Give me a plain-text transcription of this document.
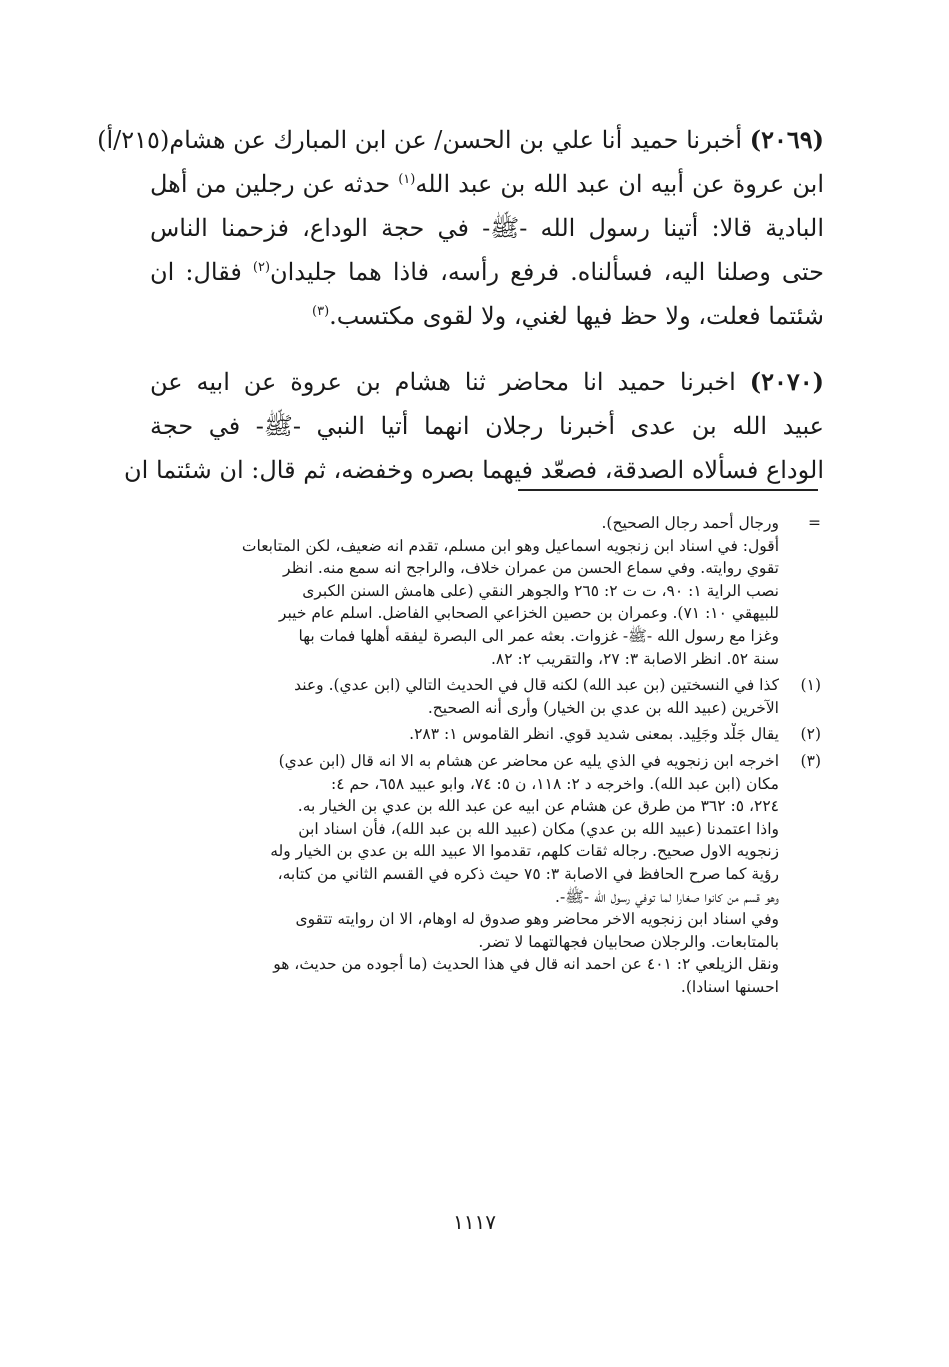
(٢٠٦٩) أخبرنا حميد أنا علي بن الحسن/ عن ابن المبارك عن هشام(٢١٥/أ)
ابن عروة عن أبيه ان عبد الله بن عبد الله$^{(١)}$ حدثه عن رجلين من أهل
البادية قالا: أتينا رسول الله -ﷺ- في حجة الوداع، فزحمنا الناس
حتى وصلنا اليه، فسألناه. فرفع رأسه، فاذا هما جليدان$^{(٢)}$ فقال: ان
شئتما فعلت، ولا حظ فيها لغني، ولا لقوى مكتسب.$^{(٣)}$
(٢٠٧٠) اخبرنا حميد انا محاضر ثنا هشام بن عروة عن ابيه عن
عبيد الله بن عدى أخبرنا رجلان انهما أتيا النبي -ﷺ- في حجة
الوداع فسألاه الصدقة، فصعّد فيهما بصره وخفضه، ثم قال: ان شئتما ان
=
ورجال أحمد رجال الصحيح).
أقول: في اسناد ابن زنجويه اسماعيل وهو ابن مسلم، تقدم انه ضعيف، لكن المتابعات
تقوي روايته. وفي سماع الحسن من عمران خلاف، والراجح انه سمع منه. انظر
نصب الراية ١: ٩٠، ت ت ٢: ٢٦٥ والجوهر النقي (على هامش السنن الكبرى
للبيهقي ١٠: ٧١). وعمران بن حصين الخزاعي الصحابي الفاضل. اسلم عام خيبر
وغزا مع رسول الله -ﷺ- غزوات. بعثه عمر الى البصرة ليفقه أهلها فمات بها
سنة ٥٢. انظر الاصابة ٣: ٢٧، والتقريب ٢: ٨٢.
(١)
كذا في النسختين (بن عبد الله) لكنه قال في الحديث التالي (ابن عدي). وعند
الآخرين (عبيد الله بن عدي بن الخيار) وأرى أنه الصحيح.
(٢)
يقال جَلْد وجَلِيد. بمعنى شديد قوي. انظر القاموس ١: ٢٨٣.
(٣)
اخرجه ابن زنجويه في الذي يليه عن محاضر عن هشام به الا انه قال (ابن عدي)
مكان (ابن عبد الله). واخرجه د ٢: ١١٨، ن ٥: ٧٤، وابو عبيد ٦٥٨، حم ٤:
٢٢٤، ٥: ٣٦٢ من طرق عن هشام عن ابيه عن عبد الله بن عدي بن الخيار به.
واذا اعتمدنا (عبيد الله بن عدي) مكان (عبيد الله بن عبد الله)، فأن اسناد ابن
زنجويه الاول صحيح. رجاله ثقات كلهم، تقدموا الا عبيد الله بن عدي بن الخيار وله
رؤية كما صرح الحافظ في الاصابة ٣: ٧٥ حيث ذكره في القسم الثاني من كتابه،
وهو قسم من كانوا صغارا لما توفي رسول الله -ﷺ-.
وفي اسناد ابن زنجويه الاخر محاضر وهو صدوق له اوهام، الا ان روايته تتقوى
بالمتابعات. والرجلان صحابيان فجهالتهما لا تضر.
ونقل الزيلعي ٢: ٤٠١ عن احمد انه قال في هذا الحديث (ما أجوده من حديث، هو
احسنها اسنادا).
١١١٧
